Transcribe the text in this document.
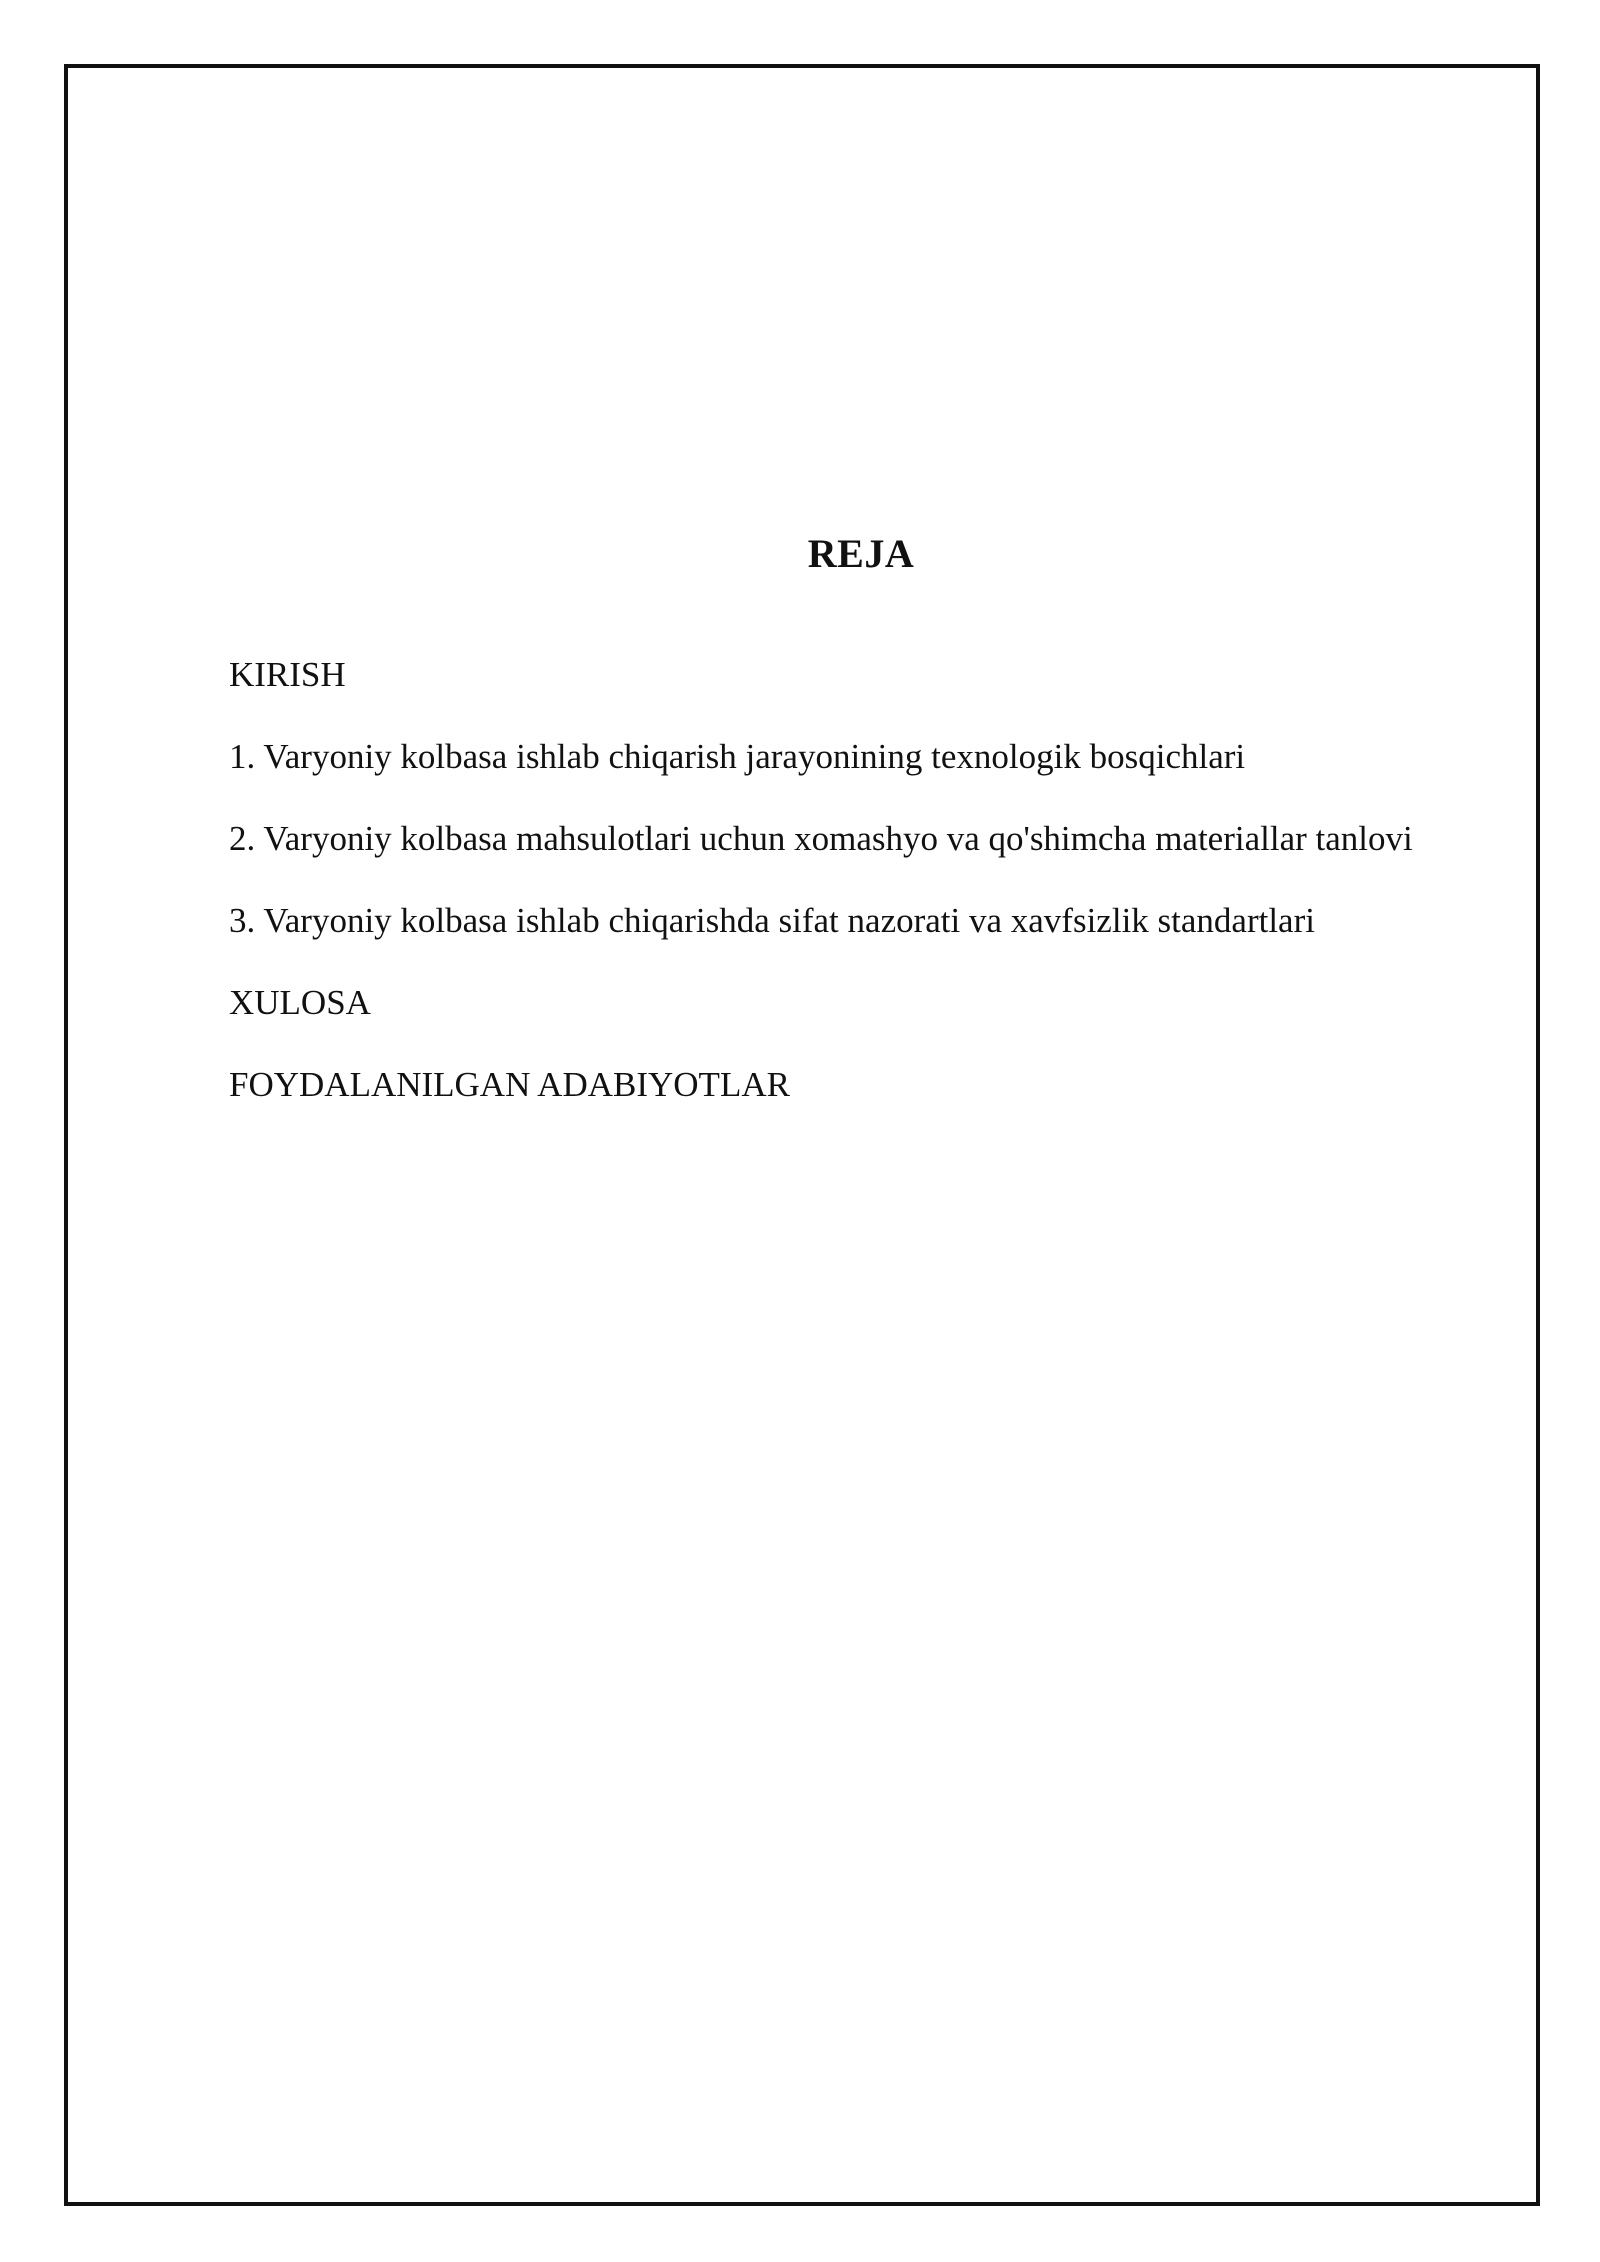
REJA
KIRISH
1. Varyoniy kolbasa ishlab chiqarish jarayonining texnologik bosqichlari
2. Varyoniy kolbasa mahsulotlari uchun xomashyo va qo'shimcha materiallar tanlovi
3. Varyoniy kolbasa ishlab chiqarishda sifat nazorati va xavfsizlik standartlari
XULOSA
FOYDALANILGAN ADABIYOTLAR
